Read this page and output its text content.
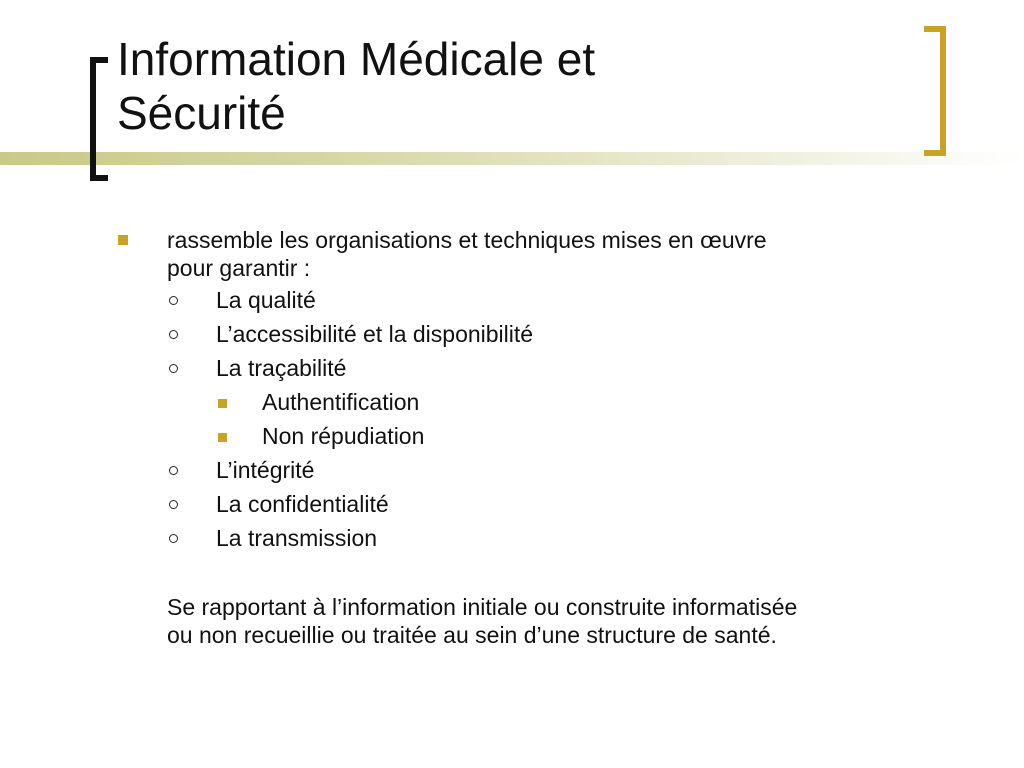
Information Médicale et
Sécurité
rassemble les organisations et techniques mises en œuvre
pour garantir :
La qualité
L’accessibilité et la disponibilité
La traçabilité
Authentification
Non répudiation
L’intégrité
La confidentialité
La transmission
Se rapportant à l’information initiale ou construite informatisée
ou non recueillie ou traitée au sein d’une structure de santé.
